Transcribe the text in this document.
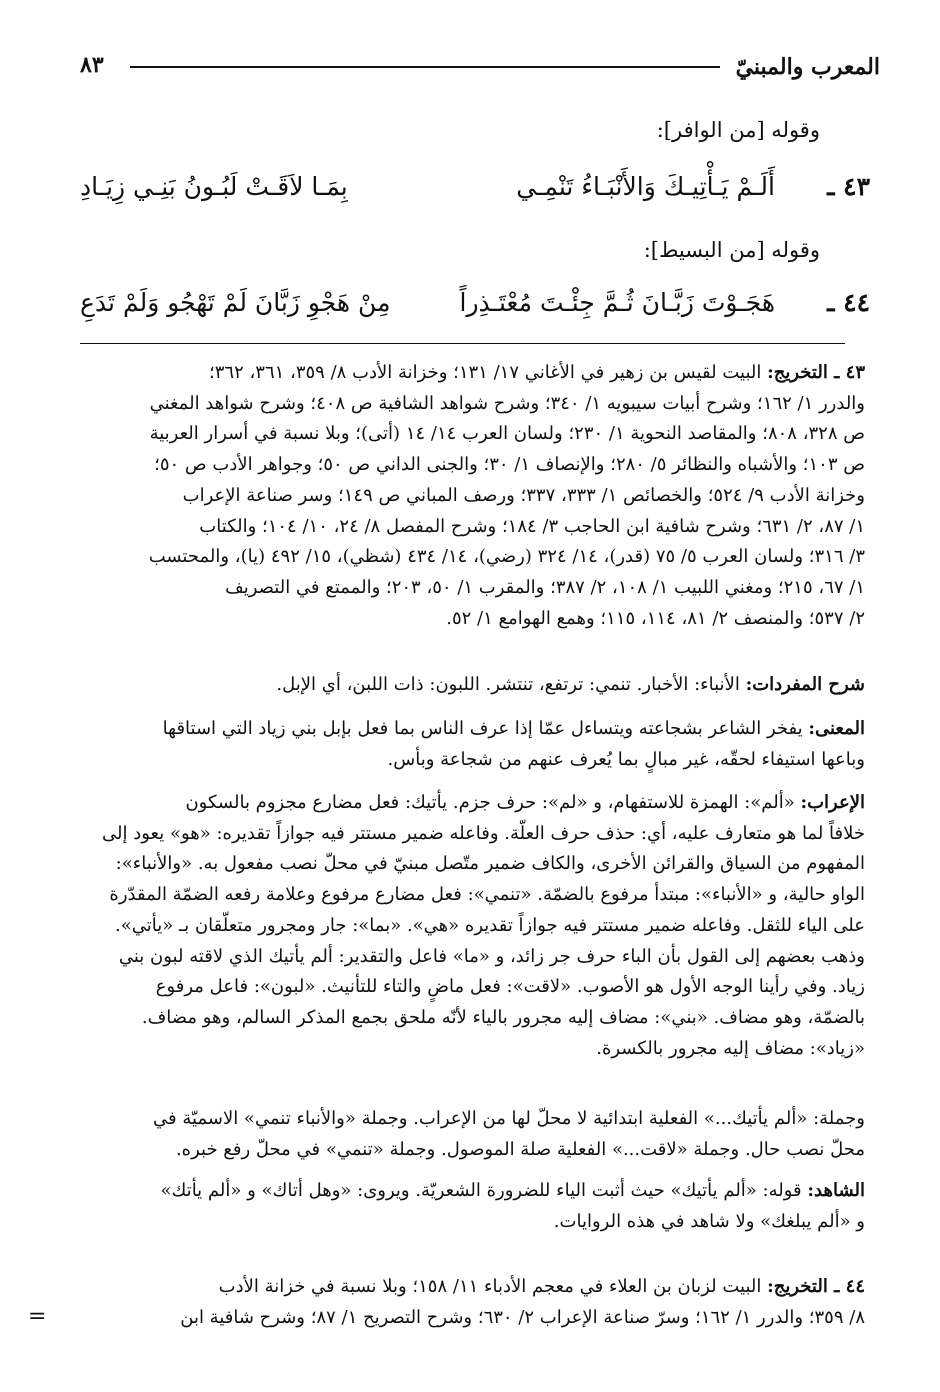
المعرب والمبنيّ
٨٣
وقوله [من الوافر]:
٤٣ ـ
أَلَـمْ يَـأْتِيـكَ وَالأَنْبَـاءُ تَنْمِـي
بِمَـا لاَقَـتْ لَبُـونُ بَنِـي زِيَـادِ
وقوله [من البسيط]:
٤٤ ـ
هَجَـوْتَ زَبَّـانَ ثُـمَّ جِئْـتَ مُعْتَـذِراً
مِنْ هَجْوِ زَبَّانَ لَمْ تَهْجُو وَلَمْ تَدَعِ
٤٣ ـ التخريج: البيت لقيس بن زهير في الأغاني ١٧/ ١٣١؛ وخزانة الأدب ٨/ ٣٥٩، ٣٦١، ٣٦٢؛
والدرر ١/ ١٦٢؛ وشرح أبيات سيبويه ١/ ٣٤٠؛ وشرح شواهد الشافية ص ٤٠٨؛ وشرح شواهد المغني
ص ٣٢٨، ٨٠٨؛ والمقاصد النحوية ١/ ٢٣٠؛ ولسان العرب ١٤/ ١٤ (أتى)؛ وبلا نسبة في أسرار العربية
ص ١٠٣؛ والأشباه والنظائر ٥/ ٢٨٠؛ والإنصاف ١/ ٣٠؛ والجنى الداني ص ٥٠؛ وجواهر الأدب ص ٥٠؛
وخزانة الأدب ٩/ ٥٢٤؛ والخصائص ١/ ٣٣٣، ٣٣٧؛ ورصف المباني ص ١٤٩؛ وسر صناعة الإعراب
١/ ٨٧، ٢/ ٦٣١؛ وشرح شافية ابن الحاجب ٣/ ١٨٤؛ وشرح المفصل ٨/ ٢٤، ١٠/ ١٠٤؛ والكتاب
٣/ ٣١٦؛ ولسان العرب ٥/ ٧٥ (قدر)، ١٤/ ٣٢٤ (رضي)، ١٤/ ٤٣٤ (شظي)، ١٥/ ٤٩٢ (يا)، والمحتسب
١/ ٦٧، ٢١٥؛ ومغني اللبيب ١/ ١٠٨، ٢/ ٣٨٧؛ والمقرب ١/ ٥٠، ٢٠٣؛ والممتع في التصريف
٢/ ٥٣٧؛ والمنصف ٢/ ٨١، ١١٤، ١١٥؛ وهمع الهوامع ١/ ٥٢.
شرح المفردات: الأنباء: الأخبار. تنمي: ترتفع، تنتشر. اللبون: ذات اللبن، أي الإبل.
المعنى: يفخر الشاعر بشجاعته ويتساءل عمّا إذا عرف الناس بما فعل بإبل بني زياد التي استاقها
وباعها استيفاء لحقّه، غير مبالٍ بما يُعرف عنهم من شجاعة وبأس.
الإعراب: «ألم»: الهمزة للاستفهام، و «لم»: حرف جزم. يأتيك: فعل مضارع مجزوم بالسكون
خلافاً لما هو متعارف عليه، أي: حذف حرف العلّة. وفاعله ضمير مستتر فيه جوازاً تقديره: «هو» يعود إلى
المفهوم من السياق والقرائن الأخرى، والكاف ضمير متّصل مبنيّ في محلّ نصب مفعول به. «والأنباء»:
الواو حالية، و «الأنباء»: مبتدأ مرفوع بالضمّة. «تنمي»: فعل مضارع مرفوع وعلامة رفعه الضمّة المقدّرة
على الياء للثقل. وفاعله ضمير مستتر فيه جوازاً تقديره «هي». «بما»: جار ومجرور متعلّقان بـ «يأتي».
وذهب بعضهم إلى القول بأن الباء حرف جر زائد، و «ما» فاعل والتقدير: ألم يأتيك الذي لاقته لبون بني
زياد. وفي رأينا الوجه الأول هو الأصوب. «لاقت»: فعل ماضٍ والتاء للتأنيث. «لبون»: فاعل مرفوع
بالضمّة، وهو مضاف. «بني»: مضاف إليه مجرور بالياء لأنّه ملحق بجمع المذكر السالم، وهو مضاف.
«زياد»: مضاف إليه مجرور بالكسرة.
وجملة: «ألم يأتيك...» الفعلية ابتدائية لا محلّ لها من الإعراب. وجملة «والأنباء تنمي» الاسميّة في
محلّ نصب حال. وجملة «لاقت...» الفعلية صلة الموصول. وجملة «تنمي» في محلّ رفع خبره.
الشاهد: قوله: «ألم يأتيك» حيث أثبت الياء للضرورة الشعريّة. ويروى: «وهل أتاك» و «ألم يأتك»
و «ألم يبلغك» ولا شاهد في هذه الروايات.
٤٤ ـ التخريج: البيت لزبان بن العلاء في معجم الأدباء ١١/ ١٥٨؛ وبلا نسبة في خزانة الأدب
٨/ ٣٥٩؛ والدرر ١/ ١٦٢؛ وسرّ صناعة الإعراب ٢/ ٦٣٠؛ وشرح التصريح ١/ ٨٧؛ وشرح شافية ابن
=
